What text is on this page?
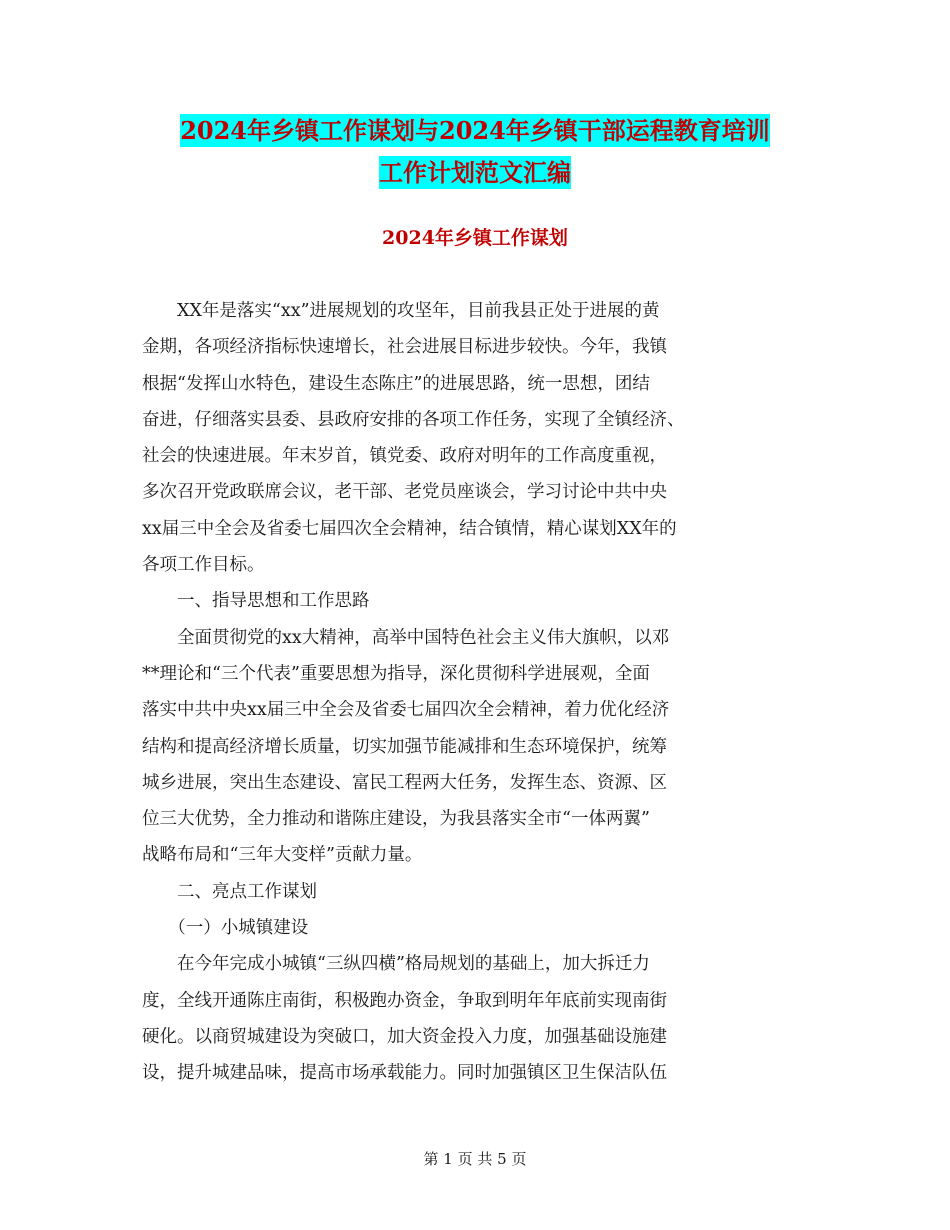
2024年乡镇工作谋划与2024年乡镇干部运程教育培训
工作计划范文汇编
2024年乡镇工作谋划
　　XX年是落实“xx”进展规划的攻坚年，目前我县正处于进展的黄
金期，各项经济指标快速增长，社会进展目标进步较快。今年，我镇
根据“发挥山水特色，建设生态陈庄”的进展思路，统一思想，团结
奋进，仔细落实县委、县政府安排的各项工作任务，实现了全镇经济、
社会的快速进展。年末岁首，镇党委、政府对明年的工作高度重视，
多次召开党政联席会议，老干部、老党员座谈会，学习讨论中共中央
xx届三中全会及省委七届四次全会精神，结合镇情，精心谋划XX年的
各项工作目标。
　　一、指导思想和工作思路
　　全面贯彻党的xx大精神，高举中国特色社会主义伟大旗帜，以邓
**理论和“三个代表”重要思想为指导，深化贯彻科学进展观，全面
落实中共中央xx届三中全会及省委七届四次全会精神，着力优化经济
结构和提高经济增长质量，切实加强节能减排和生态环境保护，统筹
城乡进展，突出生态建设、富民工程两大任务，发挥生态、资源、区
位三大优势，全力推动和谐陈庄建设，为我县落实全市“一体两翼”
战略布局和“三年大变样”贡献力量。
　　二、亮点工作谋划
　　（一）小城镇建设
　　在今年完成小城镇“三纵四横”格局规划的基础上，加大拆迁力
度，全线开通陈庄南街，积极跑办资金，争取到明年年底前实现南街
硬化。以商贸城建设为突破口，加大资金投入力度，加强基础设施建
设，提升城建品味，提高市场承载能力。同时加强镇区卫生保洁队伍
第 1 页 共 5 页
